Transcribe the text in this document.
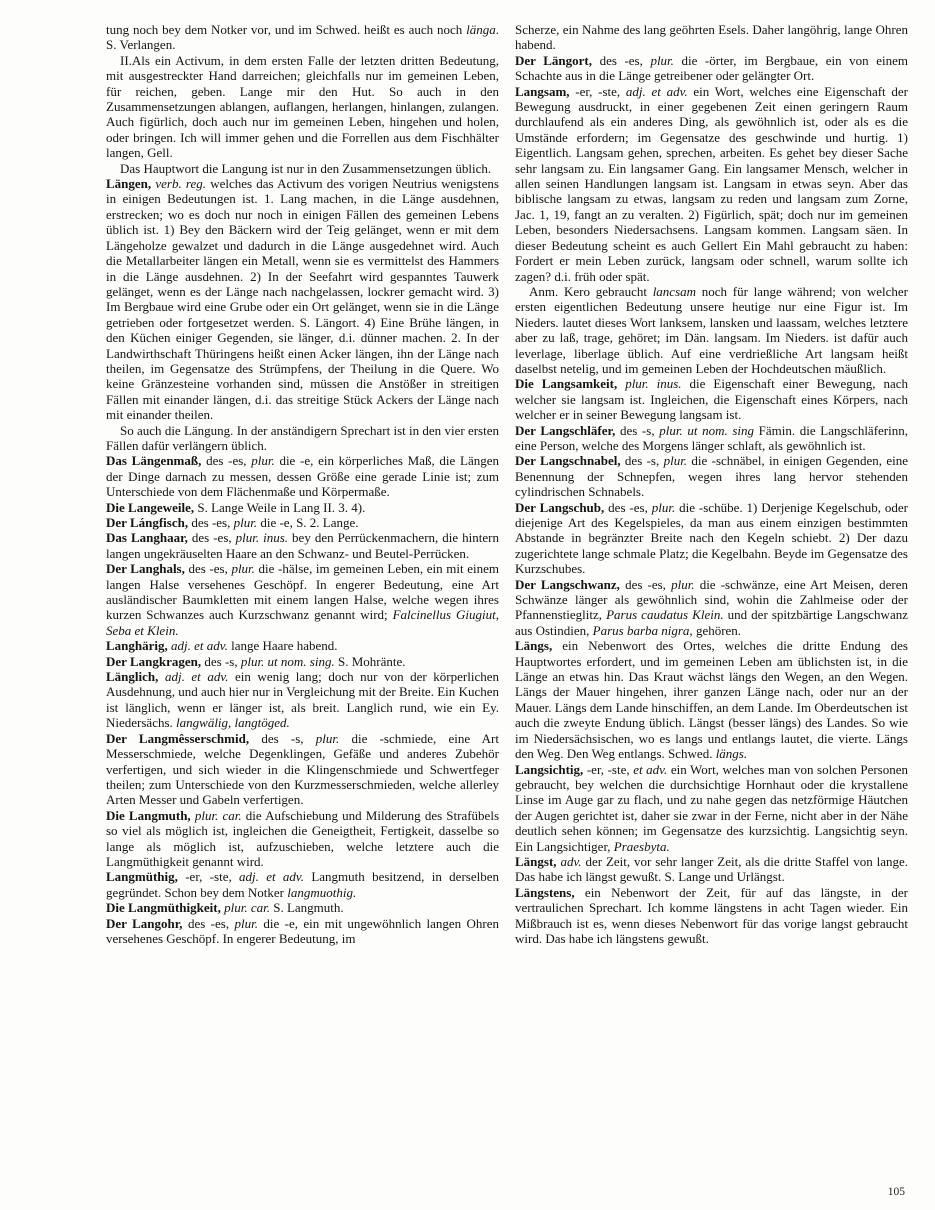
tung noch bey dem Notker vor, und im Schwed. heißt es auch noch länga. S. Verlangen.

II.Als ein Activum, in dem ersten Falle der letzten dritten Bedeutung, mit ausgestreckter Hand darreichen; gleichfalls nur im gemeinen Leben, für reichen, geben. Lange mir den Hut. So auch in den Zusammensetzungen ablangen, auflangen, herlangen, hinlangen, zulangen. Auch figürlich, doch auch nur im gemeinen Leben, hingehen und holen, oder bringen. Ich will immer gehen und die Forrellen aus dem Fischhälter langen, Gell.

Das Hauptwort die Langung ist nur in den Zusammensetzungen üblich.

Längen, verb. reg. welches das Activum des vorigen Neutrius wenigstens in einigen Bedeutungen ist. 1. Lang machen, in die Länge ausdehnen, erstrecken; wo es doch nur noch in einigen Fällen des gemeinen Lebens üblich ist. 1) Bey den Bäckern wird der Teig gelänget, wenn er mit dem Längeholze gewalzet und dadurch in die Länge ausgedehnet wird. Auch die Metallarbeiter längen ein Metall, wenn sie es vermittelst des Hammers in die Länge ausdehnen. 2) In der Seefahrt wird gespanntes Tauwerk gelänget, wenn es der Länge nach nachgelassen, lockrer gemacht wird. 3) Im Bergbaue wird eine Grube oder ein Ort gelänget, wenn sie in die Länge getrieben oder fortgesetzet werden. S. Längort. 4) Eine Brühe längen, in den Küchen einiger Gegenden, sie länger, d.i. dünner machen. 2. In der Landwirthschaft Thüringens heißt einen Acker längen, ihn der Länge nach theilen, im Gegensatze des Strümpfens, der Theilung in die Quere. Wo keine Gränzesteine vorhanden sind, müssen die Anstößer in streitigen Fällen mit einander längen, d.i. das streitige Stück Ackers der Länge nach mit einander theilen.

So auch die Längung. In der anständigern Sprechart ist in den vier ersten Fällen dafür verlängern üblich.

Das Längenmaß, des -es, plur. die -e, ein körperliches Maß, die Längen der Dinge darnach zu messen, dessen Größe eine gerade Linie ist; zum Unterschiede von dem Flächenmaße und Körpermaße.

Die Langeweile, S. Lange Weile in Lang II. 3. 4).

Der Lángfisch, des -es, plur. die -e, S. 2. Lange.

Das Langhaar, des -es, plur. inus. bey den Perrückenmachern, die hintern langen ungekräuselten Haare an den Schwanz- und Beutel-Perrücken.

Der Langhals, des -es, plur. die -hälse, im gemeinen Leben, ein mit einem langen Halse versehenes Geschöpf. In engerer Bedeutung, eine Art ausländischer Baumkletten mit einem langen Halse, welche wegen ihres kurzen Schwanzes auch Kurzschwanz genannt wird; Falcinellus Giugiut, Seba et Klein.

Langhärig, adj. et adv. lange Haare habend.

Der Langkragen, des -s, plur. ut nom. sing. S. Mohränte.

Länglich, adj. et adv. ein wenig lang; doch nur von der körperlichen Ausdehnung, und auch hier nur in Vergleichung mit der Breite. Ein Kuchen ist länglich, wenn er länger ist, als breit. Langlich rund, wie ein Ey. Niedersächs. langwälig, langtöged.

Der Langmêsserschmid, des -s, plur. die -schmiede, eine Art Messerschmiede, welche Degenklingen, Gefäße und anderes Zubehör verfertigen, und sich wieder in die Klingenschmiede und Schwertfeger theilen; zum Unterschiede von den Kurzmesserschmieden, welche allerley Arten Messer und Gabeln verfertigen.

Die Langmuth, plur. car. die Aufschiebung und Milderung des Strafübels so viel als möglich ist, ingleichen die Geneigtheit, Fertigkeit, dasselbe so lange als möglich ist, aufzuschieben, welche letztere auch die Langmüthigkeit genannt wird.

Langmüthig, -er, -ste, adj. et adv. Langmuth besitzend, in derselben gegründet. Schon bey dem Notker langmuothig.

Die Langmüthigkeit, plur. car. S. Langmuth.

Der Langohr, des -es, plur. die -e, ein mit ungewöhnlich langen Ohren versehenes Geschöpf. In engerer Bedeutung, im

Scherze, ein Nahme des lang geöhrten Esels. Daher langöhrig, lange Ohren habend.

Der Längort, des -es, plur. die -örter, im Bergbaue, ein von einem Schachte aus in die Länge getreibener oder gelängter Ort.

Langsam, -er, -ste, adj. et adv. ein Wort, welches eine Eigenschaft der Bewegung ausdruckt, in einer gegebenen Zeit einen geringern Raum durchlaufend als ein anderes Ding, als gewöhnlich ist, oder als es die Umstände erfordern; im Gegensatze des geschwinde und hurtig. 1) Eigentlich. Langsam gehen, sprechen, arbeiten. Es gehet bey dieser Sache sehr langsam zu. Ein langsamer Gang. Ein langsamer Mensch, welcher in allen seinen Handlungen langsam ist. Langsam in etwas seyn. Aber das biblische langsam zu etwas, langsam zu reden und langsam zum Zorne, Jac. 1, 19, fangt an zu veralten. 2) Figürlich, spät; doch nur im gemeinen Leben, besonders Niedersachsens. Langsam kommen. Langsam säen. In dieser Bedeutung scheint es auch Gellert Ein Mahl gebraucht zu haben: Fordert er mein Leben zurück, langsam oder schnell, warum sollte ich zagen? d.i. früh oder spät.

Anm. Kero gebraucht lancsam noch für lange während; von welcher ersten eigentlichen Bedeutung unsere heutige nur eine Figur ist. Im Nieders. lautet dieses Wort lanksem, lansken und laassam, welches letztere aber zu laß, trage, gehöret; im Dän. langsam. Im Nieders. ist dafür auch leverlage, liberlage üblich. Auf eine verdrießliche Art langsam heißt daselbst netelig, und im gemeinen Leben der Hochdeutschen mäußlich.

Die Langsamkeit, plur. inus. die Eigenschaft einer Bewegung, nach welcher sie langsam ist. Ingleichen, die Eigenschaft eines Körpers, nach welcher er in seiner Bewegung langsam ist.

Der Langschläfer, des -s, plur. ut nom. sing Fämin. die Langschläferinn, eine Person, welche des Morgens länger schlaft, als gewöhnlich ist.

Der Langschnabel, des -s, plur. die -schnäbel, in einigen Gegenden, eine Benennung der Schnepfen, wegen ihres lang hervor stehenden cylindrischen Schnabels.

Der Langschub, des -es, plur. die -schübe. 1) Derjenige Kegelschub, oder diejenige Art des Kegelspieles, da man aus einem einzigen bestimmten Abstande in begränzter Breite nach den Kegeln schiebt. 2) Der dazu zugerichtete lange schmale Platz; die Kegelbahn. Beyde im Gegensatze des Kurzschubes.

Der Langschwanz, des -es, plur. die -schwänze, eine Art Meisen, deren Schwänze länger als gewöhnlich sind, wohin die Zahlmeise oder der Pfannenstieglitz, Parus caudatus Klein. und der spitzbärtige Langschwanz aus Ostindien, Parus barba nigra, gehören.

Längs, ein Nebenwort des Ortes, welches die dritte Endung des Hauptwortes erfordert, und im gemeinen Leben am üblichsten ist, in die Länge an etwas hin. Das Kraut wächst längs den Wegen, an den Wegen. Längs der Mauer hingehen, ihrer ganzen Länge nach, oder nur an der Mauer. Längs dem Lande hinschiffen, an dem Lande. Im Oberdeutschen ist auch die zweyte Endung üblich. Längst (besser längs) des Landes. So wie im Niedersächsischen, wo es langs und entlangs lautet, die vierte. Längs den Weg. Den Weg entlangs. Schwed. längs.

Langsichtig, -er, -ste, et adv. ein Wort, welches man von solchen Personen gebraucht, bey welchen die durchsichtige Hornhaut oder die krystallene Linse im Auge gar zu flach, und zu nahe gegen das netzförmige Häutchen der Augen gerichtet ist, daher sie zwar in der Ferne, nicht aber in der Nähe deutlich sehen können; im Gegensatze des kurzsichtig. Langsichtig seyn. Ein Langsichtiger, Praesbyta.

Längst, adv. der Zeit, vor sehr langer Zeit, als die dritte Staffel von lange. Das habe ich längst gewußt. S. Lange und Urlängst.

Längstens, ein Nebenwort der Zeit, für auf das längste, in der vertraulichen Sprechart. Ich komme längstens in acht Tagen wieder. Ein Mißbrauch ist es, wenn dieses Nebenwort für das vorige langst gebraucht wird. Das habe ich längstens gewußt.

105
